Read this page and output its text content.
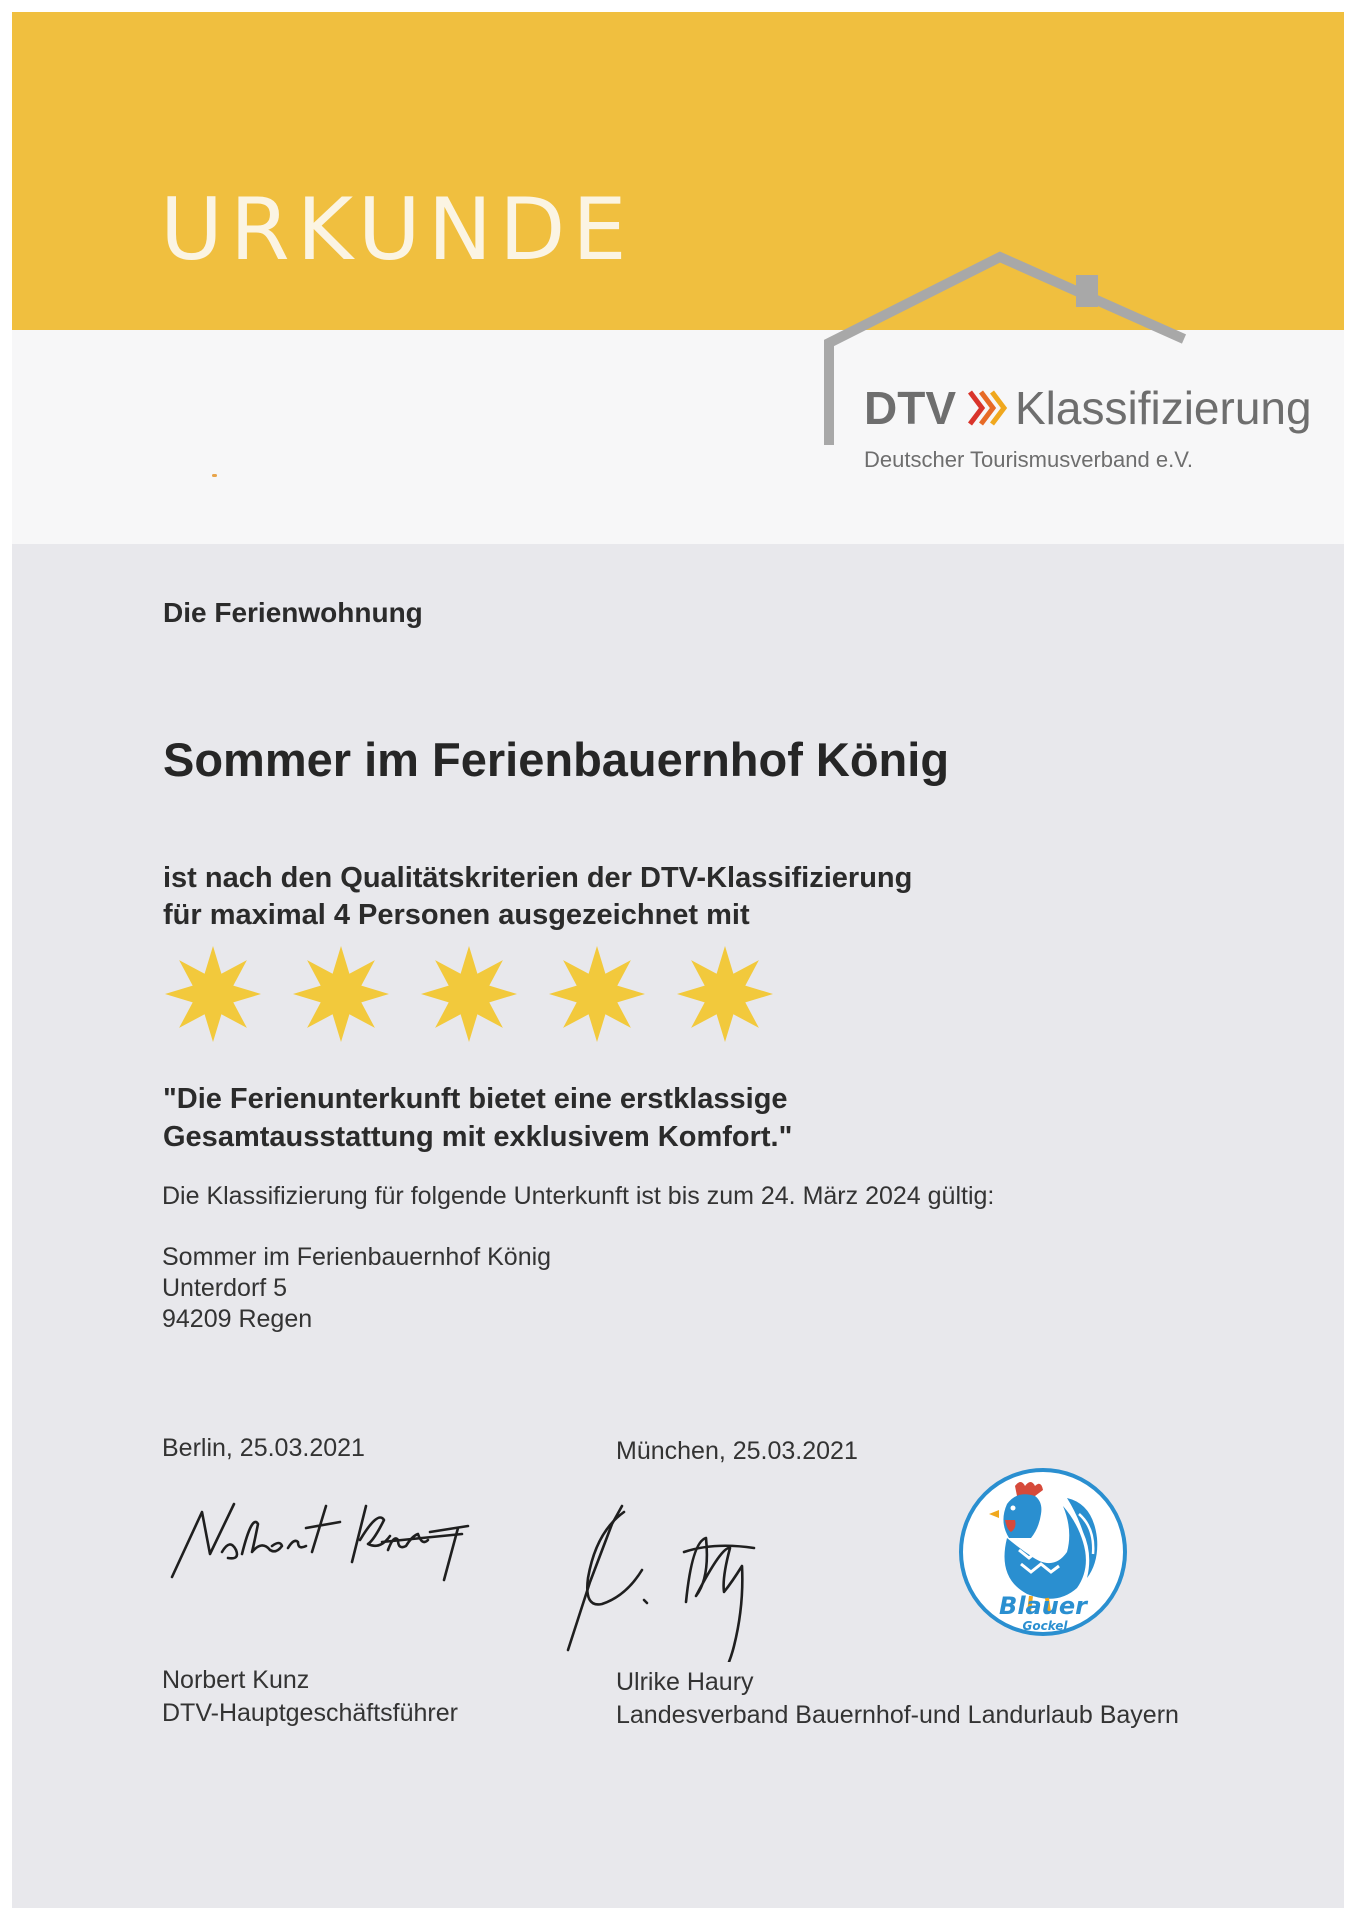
URKUNDE
DTV Klassifizierung
Deutscher Tourismusverband e.V.
Die Ferienwohnung
Sommer im Ferienbauernhof König
ist nach den Qualitätskriterien der DTV-Klassifizierung
für maximal 4 Personen ausgezeichnet mit
"Die Ferienunterkunft bietet eine erstklassige
Gesamtausstattung mit exklusivem Komfort."
Die Klassifizierung für folgende Unterkunft ist bis zum 24. März 2024 gültig:
Sommer im Ferienbauernhof König
Unterdorf 5
94209 Regen
Berlin, 25.03.2021	München, 25.03.2021
Norbert Kunz
DTV-Hauptgeschäftsführer
Ulrike Haury
Landesverband Bauernhof-und Landurlaub Bayern
Blauer
Gockel
